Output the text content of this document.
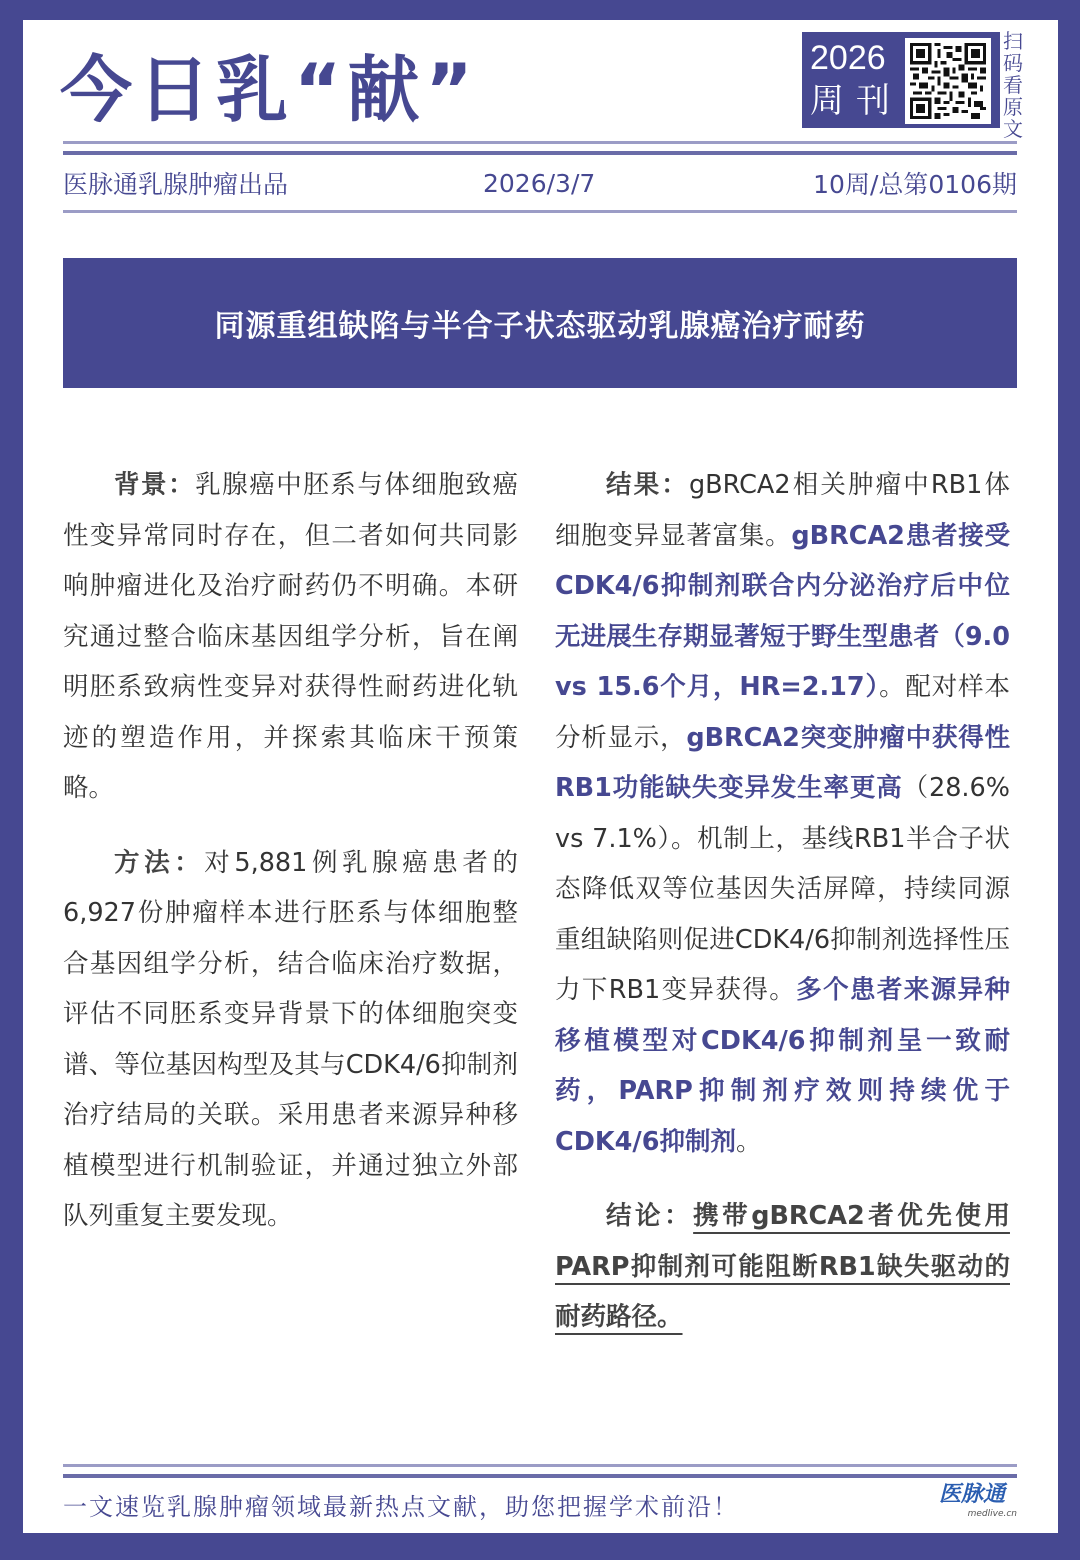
今日乳“献”	2026
周刊
扫
码
看
原
文
医脉通乳腺肿瘤出品	2026/3/7	10周/总第0106期
同源重组缺陷与半合子状态驱动乳腺癌治疗耐药

背景：乳腺癌中胚系与体细胞致癌性变异常同时存在，但二者如何共同影响肿瘤进化及治疗耐药仍不明确。本研究通过整合临床基因组学分析，旨在阐明胚系致病性变异对获得性耐药进化轨迹的塑造作用，并探索其临床干预策略。

方法：对5,881例乳腺癌患者的6,927份肿瘤样本进行胚系与体细胞整合基因组学分析，结合临床治疗数据，评估不同胚系变异背景下的体细胞突变谱、等位基因构型及其与CDK4/6抑制剂治疗结局的关联。采用患者来源异种移植模型进行机制验证，并通过独立外部队列重复主要发现。

结果：gBRCA2相关肿瘤中RB1体细胞变异显著富集。gBRCA2患者接受CDK4/6抑制剂联合内分泌治疗后中位无进展生存期显著短于野生型患者（9.0 vs 15.6个月，HR=2.17）。配对样本分析显示，gBRCA2突变肿瘤中获得性RB1功能缺失变异发生率更高（28.6% vs 7.1%）。机制上，基线RB1半合子状态降低双等位基因失活屏障，持续同源重组缺陷则促进CDK4/6抑制剂选择性压力下RB1变异获得。多个患者来源异种移植模型对CDK4/6抑制剂呈一致耐药，PARP抑制剂疗效则持续优于CDK4/6抑制剂。

结论：携带gBRCA2者优先使用PARP抑制剂可能阻断RB1缺失驱动的耐药路径。

一文速览乳腺肿瘤领域最新热点文献，助您把握学术前沿！	医脉通
medlive.cn
